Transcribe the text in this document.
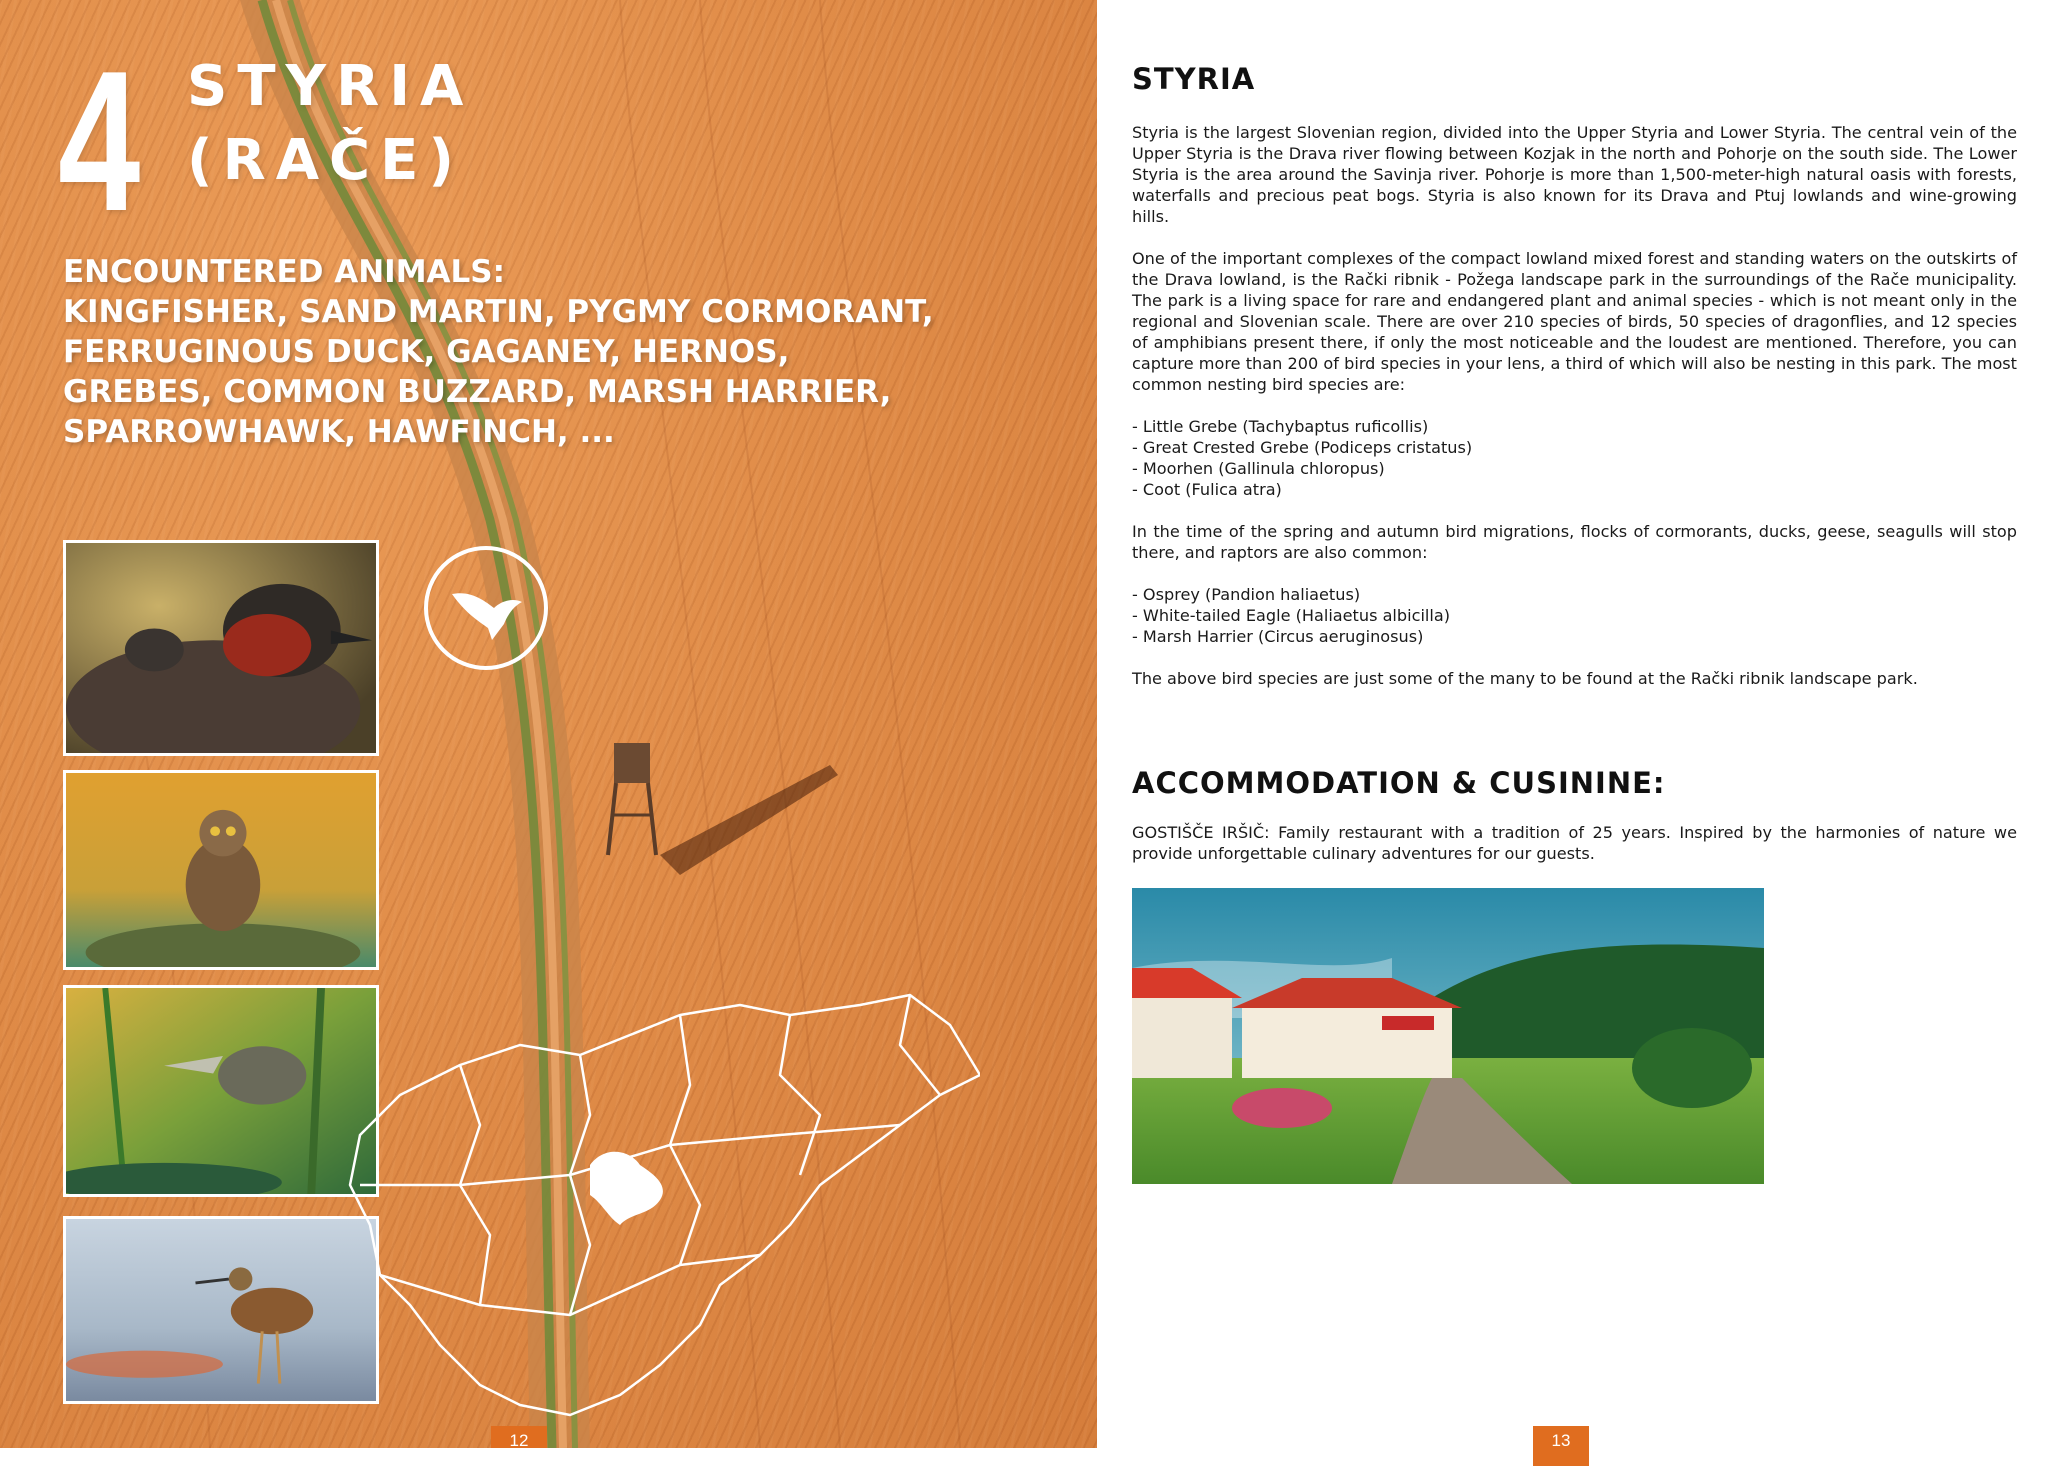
4 STYRIA
(RAČE)

ENCOUNTERED ANIMALS:
KINGFISHER, SAND MARTIN, PYGMY CORMORANT,
FERRUGINOUS DUCK, GAGANEY, HERNOS,
GREBES, COMMON BUZZARD, MARSH HARRIER,
SPARROWHAWK, HAWFINCH, ...

12
STYRIA

Styria is the largest Slovenian region, divided into the Upper Styria and Lower Styria. The central vein of the Upper Styria is the Drava river flowing between Kozjak in the north and Pohorje on the south side. The Lower Styria is the area around the Savinja river. Pohorje is more than 1,500-meter-high natural oasis with forests, waterfalls and precious peat bogs. Styria is also known for its Drava and Ptuj lowlands and wine-growing hills.

One of the important complexes of the compact lowland mixed forest and standing waters on the outskirts of the Drava lowland, is the Rački ribnik - Požega landscape park in the surroundings of the Rače municipality. The park is a living space for rare and endangered plant and animal species - which is not meant only in the regional and Slovenian scale. There are over 210 species of birds, 50 species of dragonflies, and 12 species of amphibians present there, if only the most noticeable and the loudest are mentioned. Therefore, you can capture more than 200 of bird species in your lens, a third of which will also be nesting in this park. The most common nesting bird species are:

- Little Grebe (Tachybaptus ruficollis)
- Great Crested Grebe (Podiceps cristatus)
- Moorhen (Gallinula chloropus)
- Coot (Fulica atra)

In the time of the spring and autumn bird migrations, flocks of cormorants, ducks, geese, seagulls will stop there, and raptors are also common:

- Osprey (Pandion haliaetus)
- White-tailed Eagle (Haliaetus albicilla)
- Marsh Harrier (Circus aeruginosus)

The above bird species are just some of the many to be found at the Rački ribnik landscape park.

ACCOMMODATION & CUSININE:

GOSTIŠČE IRŠIČ: Family restaurant with a tradition of 25 years. Inspired by the harmonies of nature we provide unforgettable culinary adventures for our guests.

13
